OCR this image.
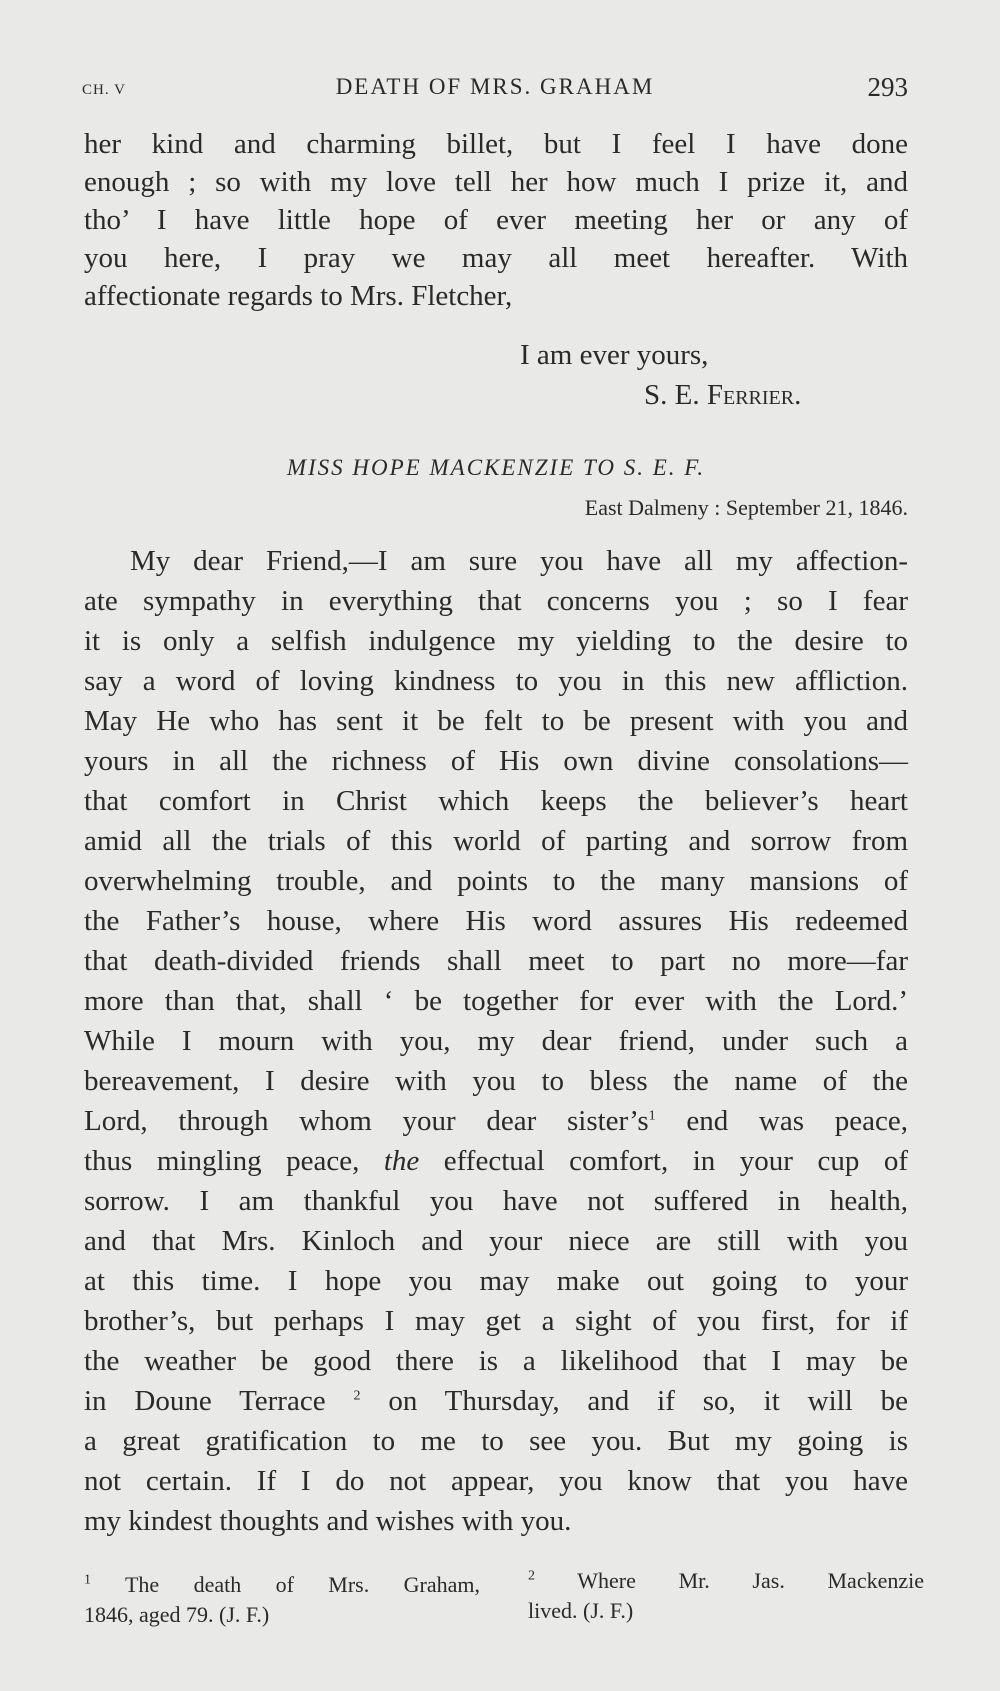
CH. V	DEATH OF MRS. GRAHAM	293
her kind and charming billet, but I feel I have done
enough ; so with my love tell her how much I prize it, and
tho’ I have little hope of ever meeting her or any of
you here, I pray we may all meet hereafter. With
affectionate regards to Mrs. Fletcher,
I am ever yours,
S. E. Ferrier.
MISS HOPE MACKENZIE TO S. E. F.
East Dalmeny : September 21, 1846.
My dear Friend,—I am sure you have all my affection-
ate sympathy in everything that concerns you ; so I fear
it is only a selfish indulgence my yielding to the desire to
say a word of loving kindness to you in this new affliction.
May He who has sent it be felt to be present with you and
yours in all the richness of His own divine consolations—
that comfort in Christ which keeps the believer’s heart
amid all the trials of this world of parting and sorrow from
overwhelming trouble, and points to the many mansions of
the Father’s house, where His word assures His redeemed
that death-divided friends shall meet to part no more—far
more than that, shall ‘ be together for ever with the Lord.’
While I mourn with you, my dear friend, under such a
bereavement, I desire with you to bless the name of the
Lord, through whom your dear $sister’s^1$ end was peace,
thus mingling peace, the effectual comfort, in your cup of
sorrow. I am thankful you have not suffered in health,
and that Mrs. Kinloch and your niece are still with you
at this time. I hope you may make out going to your
brother’s, but perhaps I may get a sight of you first, for if
the weather be good there is a likelihood that I may be
in Doune Terrace $^2$ on Thursday, and if so, it will be
a great gratification to me to see you. But my going is
not certain. If I do not appear, you know that you have
my kindest thoughts and wishes with you.
$^1$ The death of Mrs. Graham,
1846, aged 79. (J. F.)
$^2$ Where Mr. Jas. Mackenzie
lived. (J. F.)
